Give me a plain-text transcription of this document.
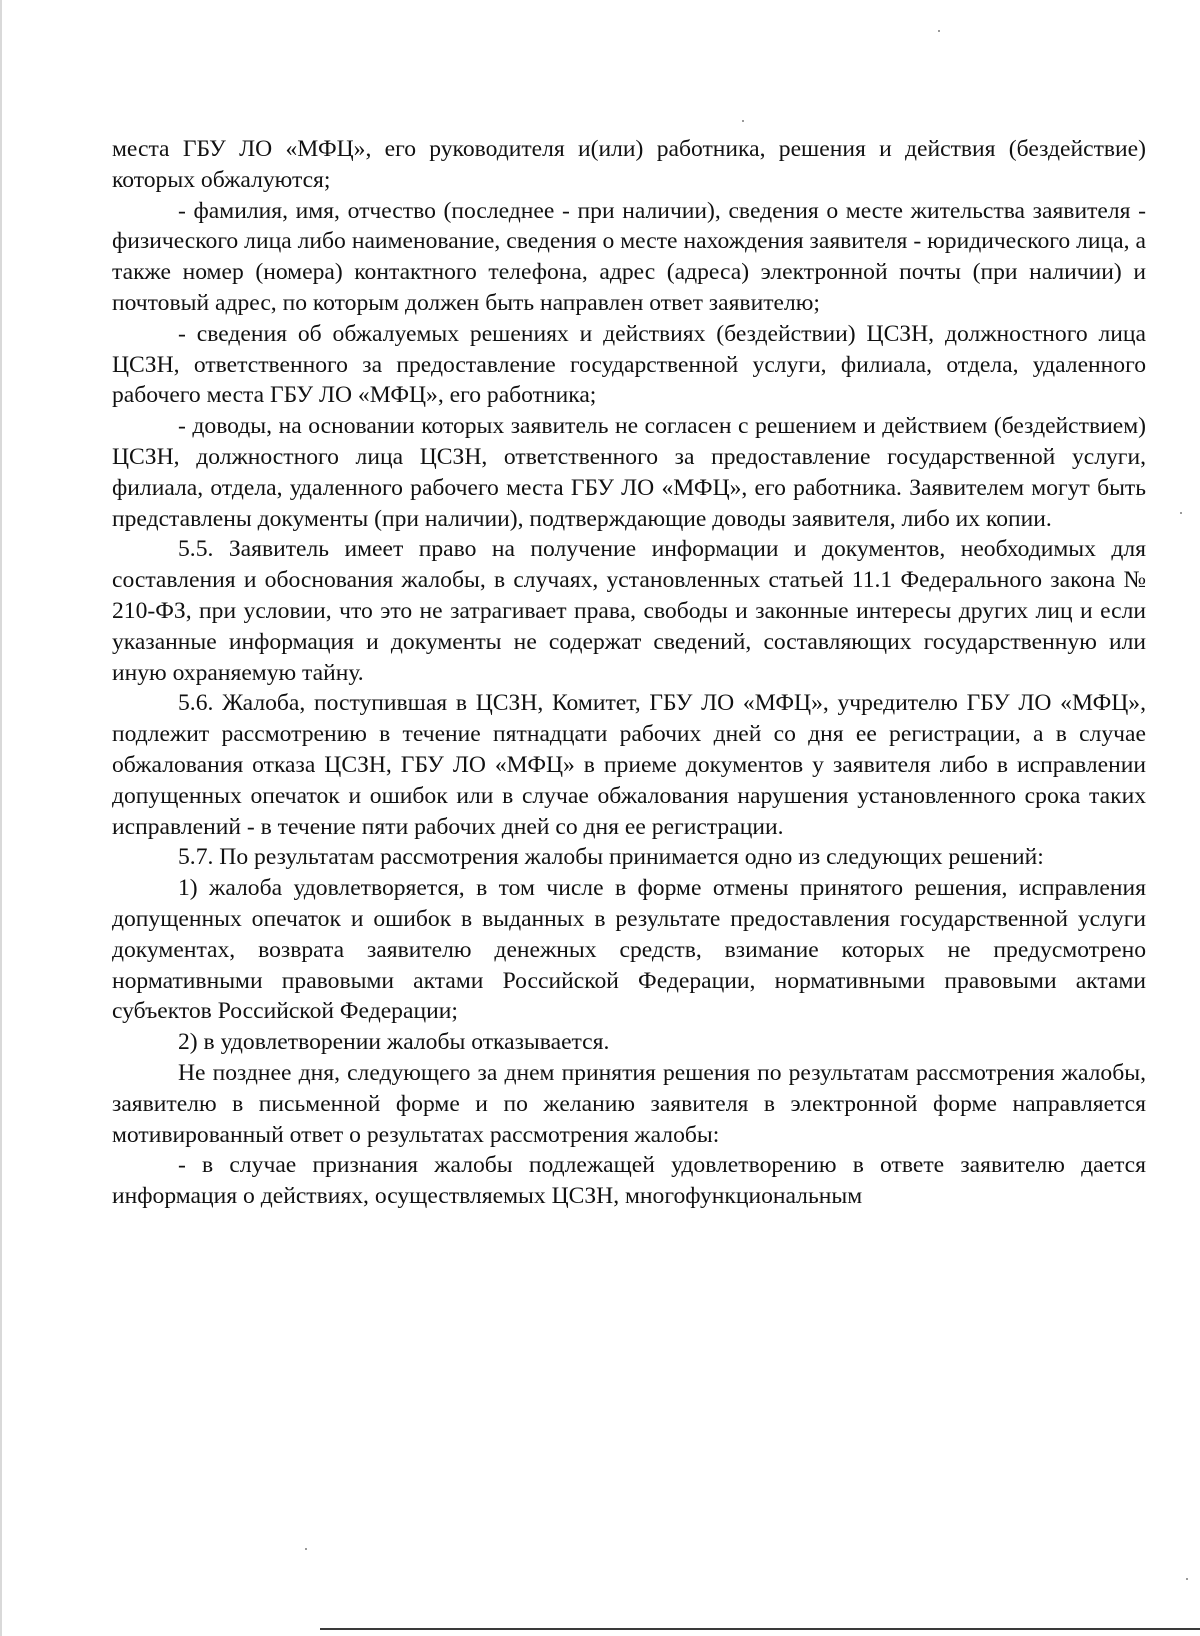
места ГБУ ЛО «МФЦ», его руководителя и(или) работника, решения и действия (бездействие) которых обжалуются;

- фамилия, имя, отчество (последнее - при наличии), сведения о месте жительства заявителя - физического лица либо наименование, сведения о месте нахождения заявителя - юридического лица, а также номер (номера) контактного телефона, адрес (адреса) электронной почты (при наличии) и почтовый адрес, по которым должен быть направлен ответ заявителю;

- сведения об обжалуемых решениях и действиях (бездействии) ЦСЗН, должностного лица ЦСЗН, ответственного за предоставление государственной услуги, филиала, отдела, удаленного рабочего места ГБУ ЛО «МФЦ», его работника;

- доводы, на основании которых заявитель не согласен с решением и действием (бездействием) ЦСЗН, должностного лица ЦСЗН, ответственного за предоставление государственной услуги, филиала, отдела, удаленного рабочего места ГБУ ЛО «МФЦ», его работника. Заявителем могут быть представлены документы (при наличии), подтверждающие доводы заявителя, либо их копии.

5.5. Заявитель имеет право на получение информации и документов, необходимых для составления и обоснования жалобы, в случаях, установленных статьей 11.1 Федерального закона № 210-ФЗ, при условии, что это не затрагивает права, свободы и законные интересы других лиц и если указанные информация и документы не содержат сведений, составляющих государственную или иную охраняемую тайну.

5.6. Жалоба, поступившая в ЦСЗН, Комитет, ГБУ ЛО «МФЦ», учредителю ГБУ ЛО «МФЦ», подлежит рассмотрению в течение пятнадцати рабочих дней со дня ее регистрации, а в случае обжалования отказа ЦСЗН, ГБУ ЛО «МФЦ» в приеме документов у заявителя либо в исправлении допущенных опечаток и ошибок или в случае обжалования нарушения установленного срока таких исправлений - в течение пяти рабочих дней со дня ее регистрации.

5.7. По результатам рассмотрения жалобы принимается одно из следующих решений:

1) жалоба удовлетворяется, в том числе в форме отмены принятого решения, исправления допущенных опечаток и ошибок в выданных в результате предоставления государственной услуги документах, возврата заявителю денежных средств, взимание которых не предусмотрено нормативными правовыми актами Российской Федерации, нормативными правовыми актами субъектов Российской Федерации;

2) в удовлетворении жалобы отказывается.

Не позднее дня, следующего за днем принятия решения по результатам рассмотрения жалобы, заявителю в письменной форме и по желанию заявителя в электронной форме направляется мотивированный ответ о результатах рассмотрения жалобы:

- в случае признания жалобы подлежащей удовлетворению в ответе заявителю дается информация о действиях, осуществляемых ЦСЗН, многофункциональным
